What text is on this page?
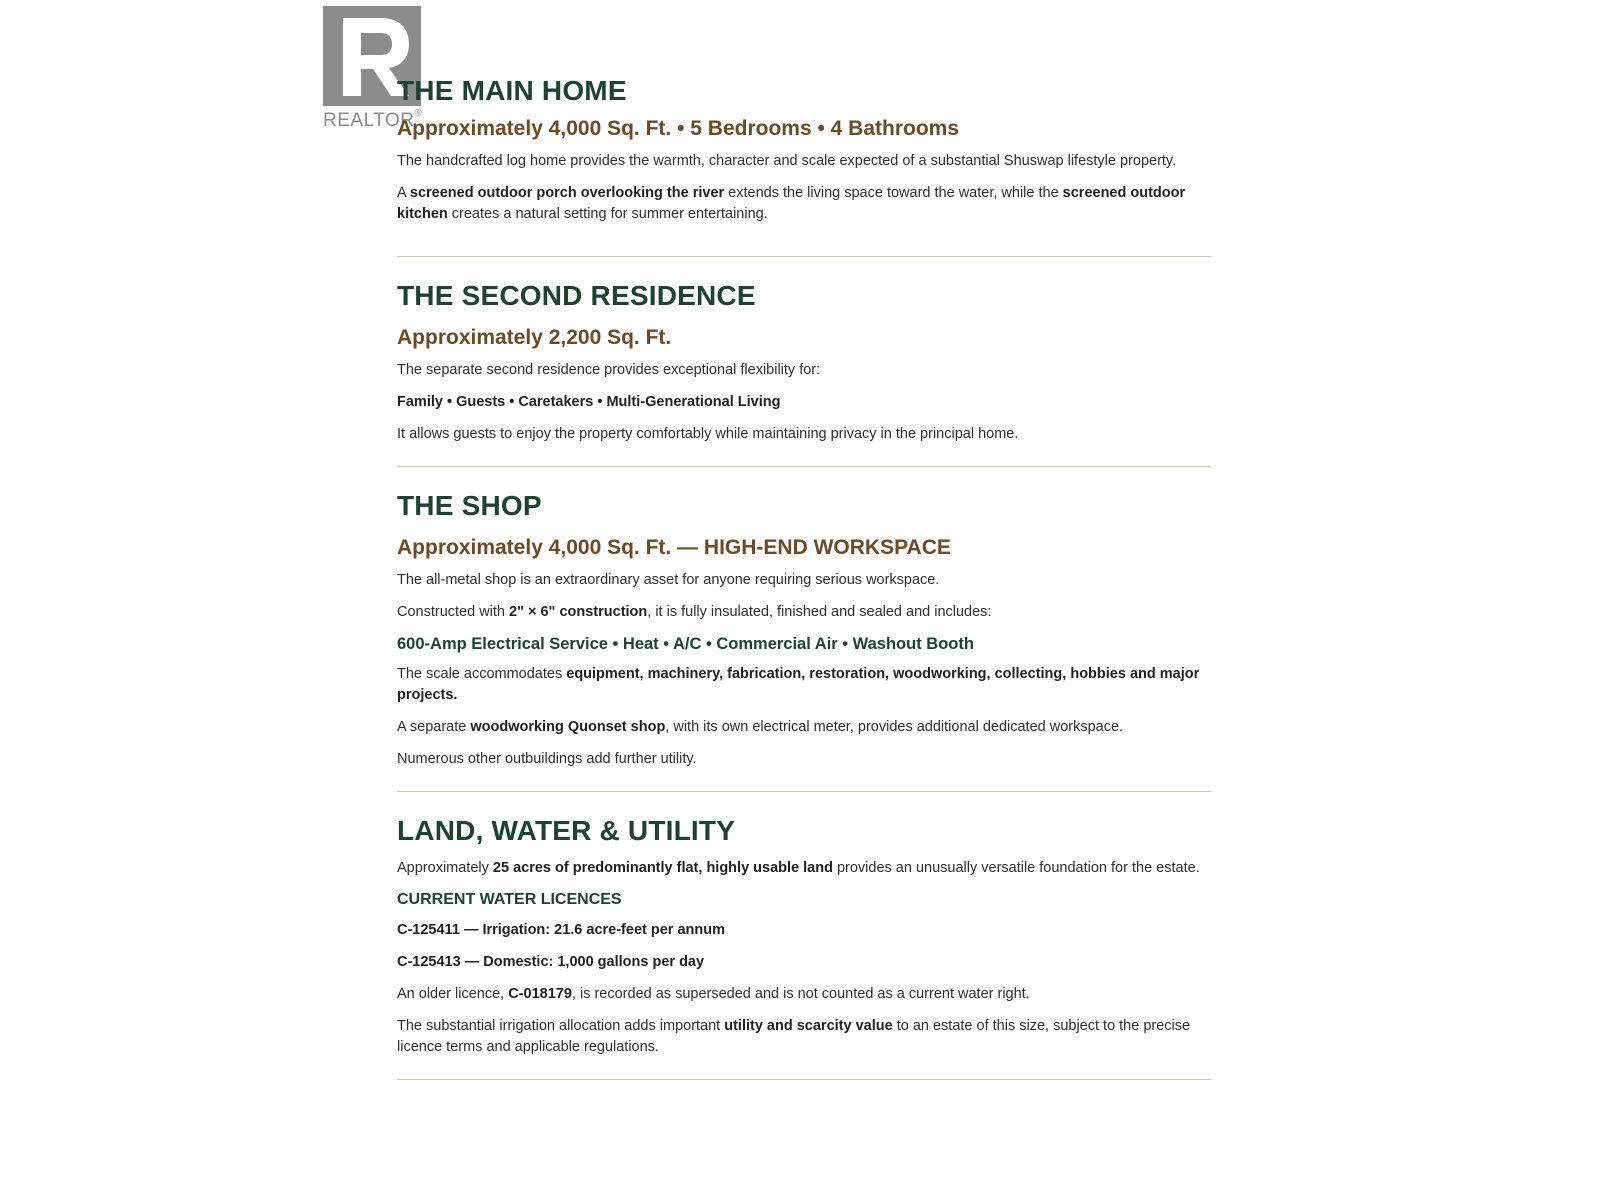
REALTOR®
THE MAIN HOME
Approximately 4,000 Sq. Ft. • 5 Bedrooms • 4 Bathrooms

The handcrafted log home provides the warmth, character and scale expected of a substantial Shuswap lifestyle property.

A screened outdoor porch overlooking the river extends the living space toward the water, while the screened outdoor kitchen creates a natural setting for summer entertaining.

THE SECOND RESIDENCE
Approximately 2,200 Sq. Ft.

The separate second residence provides exceptional flexibility for:

Family • Guests • Caretakers • Multi-Generational Living

It allows guests to enjoy the property comfortably while maintaining privacy in the principal home.

THE SHOP
Approximately 4,000 Sq. Ft. — HIGH-END WORKSPACE

The all-metal shop is an extraordinary asset for anyone requiring serious workspace.

Constructed with 2" × 6" construction, it is fully insulated, finished and sealed and includes:

600-Amp Electrical Service • Heat • A/C • Commercial Air • Washout Booth

The scale accommodates equipment, machinery, fabrication, restoration, woodworking, collecting, hobbies and major projects.

A separate woodworking Quonset shop, with its own electrical meter, provides additional dedicated workspace.

Numerous other outbuildings add further utility.

LAND, WATER & UTILITY

Approximately 25 acres of predominantly flat, highly usable land provides an unusually versatile foundation for the estate.

CURRENT WATER LICENCES

C-125411 — Irrigation: 21.6 acre-feet per annum

C-125413 — Domestic: 1,000 gallons per day

An older licence, C-018179, is recorded as superseded and is not counted as a current water right.

The substantial irrigation allocation adds important utility and scarcity value to an estate of this size, subject to the precise licence terms and applicable regulations.
